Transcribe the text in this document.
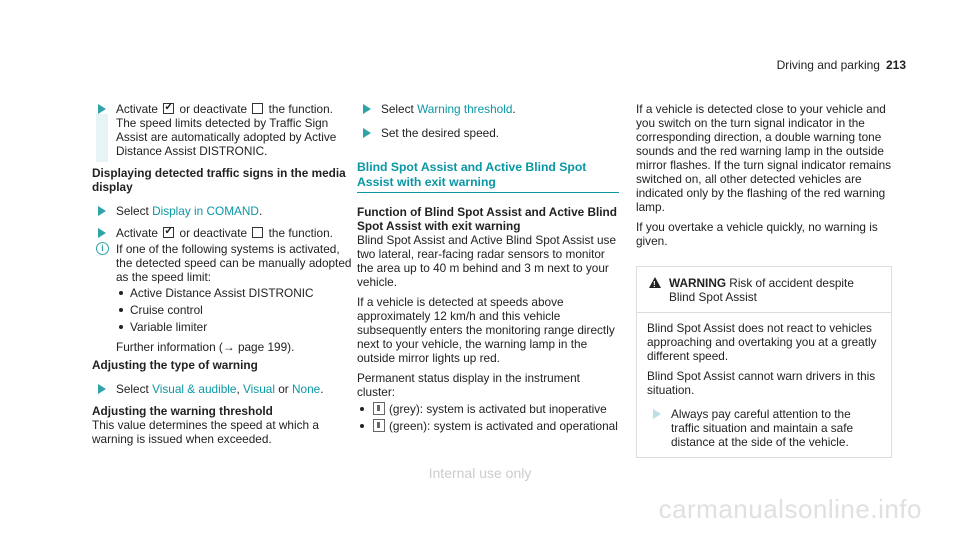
Driving and parking 213
Activate ✓ or deactivate  the function.
The speed limits detected by Traffic Sign Assist are automatically adopted by Active Distance Assist DISTRONIC.

Displaying detected traffic signs in the media display

Select Display in COMAND.
Activate ✓ or deactivate  the function.
i	If one of the following systems is activated, the detected speed can be manually adopted as the speed limit:
Active Distance Assist DISTRONIC
Cruise control
Variable limiter
Further information (→ page 199).

Adjusting the type of warning

Select Visual & audible, Visual or None.

Adjusting the warning threshold

This value determines the speed at which a warning is issued when exceeded.

Select Warning threshold.
Set the desired speed.
Blind Spot Assist and Active Blind Spot Assist with exit warning

Function of Blind Spot Assist and Active Blind Spot Assist with exit warning

Blind Spot Assist and Active Blind Spot Assist use two lateral, rear-facing radar sensors to monitor the area up to 40 m behind and 3 m next to your vehicle.

If a vehicle is detected at speeds above approximately 12 km/h and this vehicle subsequently enters the monitoring range directly next to your vehicle, the warning lamp in the outside mirror lights up red.

Permanent status display in the instrument cluster:

(grey): system is activated but inoperative
(green): system is activated and operational

If a vehicle is detected close to your vehicle and you switch on the turn signal indicator in the corresponding direction, a double warning tone sounds and the red warning lamp in the outside mirror flashes. If the turn signal indicator remains switched on, all other detected vehicles are indicated only by the flashing of the red warning lamp.

If you overtake a vehicle quickly, no warning is given.

!
WARNING Risk of accident despite Blind Spot Assist

Blind Spot Assist does not react to vehicles approaching and overtaking you at a greatly different speed.

Blind Spot Assist cannot warn drivers in this situation.

Always pay careful attention to the traffic situation and maintain a safe distance at the side of the vehicle.
Internal use only
carmanualsonline.info
